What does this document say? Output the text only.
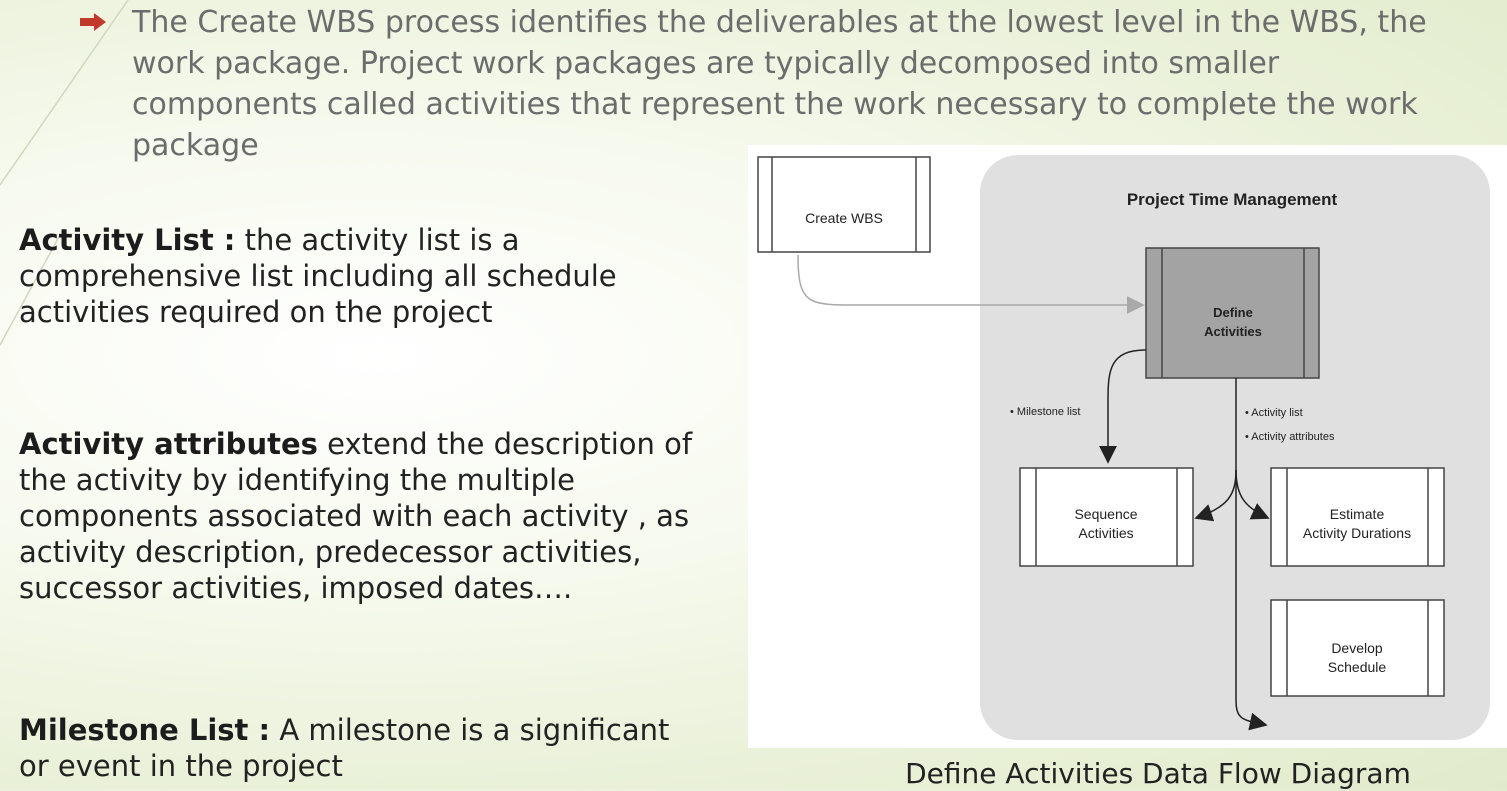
The Create WBS process identifies the deliverables at the lowest level in the WBS, the work package. Project work packages are typically decomposed into smaller components called activities that represent the work necessary to complete the work package

Activity List : the activity list is a comprehensive list including all schedule activities required on the project

Activity attributes extend the description of the activity by identifying the multiple components associated with each activity , as activity description, predecessor activities, successor activities, imposed dates….

Milestone List : A milestone is a significant or event in the project

Project Time Management
Create WBS
Define
Activities
• Milestone list	• Activity list
• Activity attributes
Sequence
Activities
Estimate
Activity Durations
Develop
Schedule
Define Activities Data Flow Diagram
